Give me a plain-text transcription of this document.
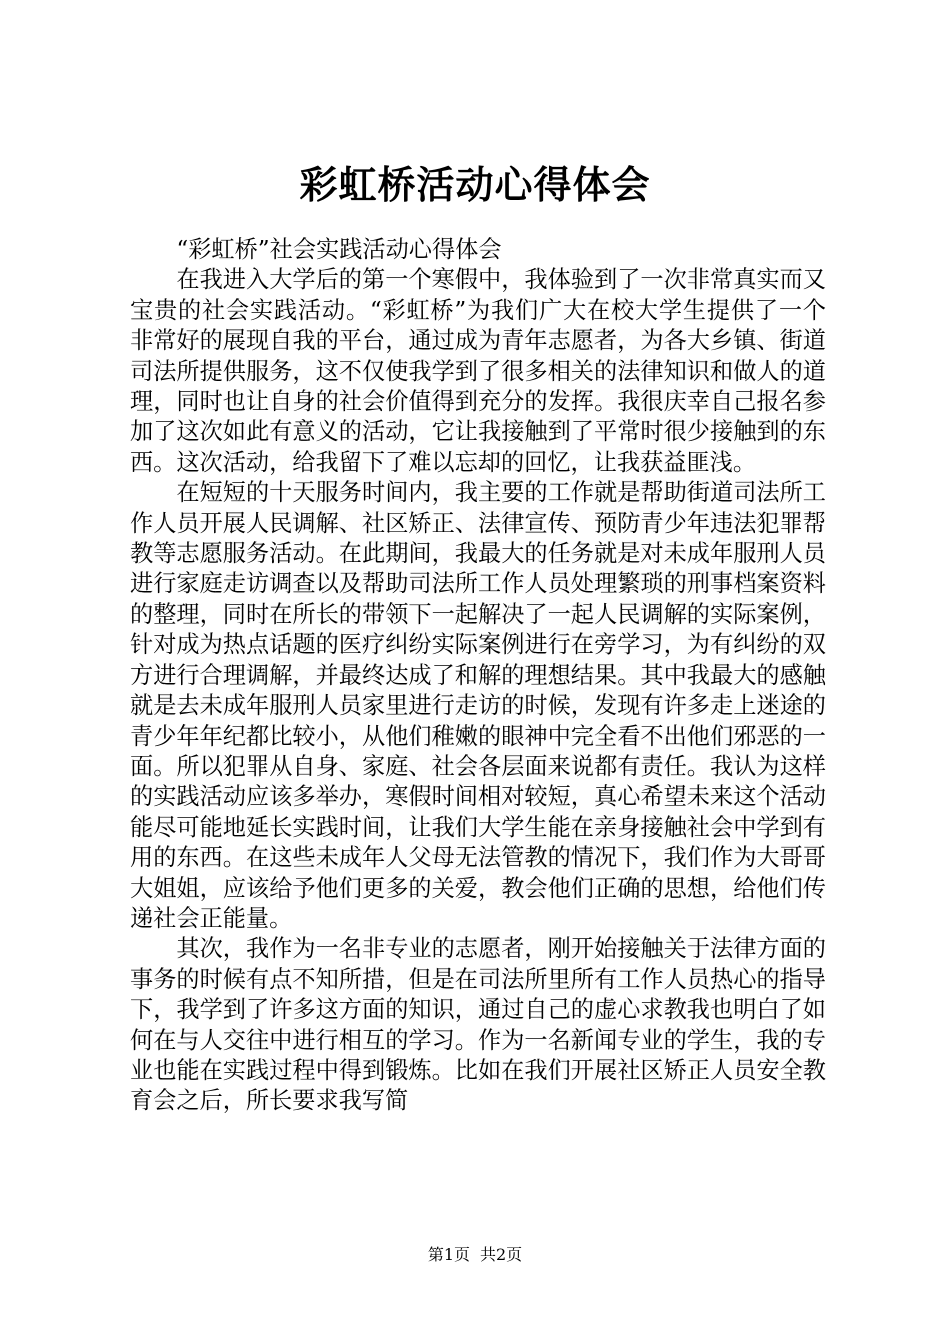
彩虹桥活动心得体会

“彩虹桥”社会实践活动心得体会

在我进入大学后的第一个寒假中，我体验到了一次非常真实而又宝贵的社会实践活动。“彩虹桥”为我们广大在校大学生提供了一个非常好的展现自我的平台，通过成为青年志愿者，为各大乡镇、街道司法所提供服务，这不仅使我学到了很多相关的法律知识和做人的道理，同时也让自身的社会价值得到充分的发挥。我很庆幸自己报名参加了这次如此有意义的活动，它让我接触到了平常时很少接触到的东西。这次活动，给我留下了难以忘却的回忆，让我获益匪浅。

在短短的十天服务时间内，我主要的工作就是帮助街道司法所工作人员开展人民调解、社区矫正、法律宣传、预防青少年违法犯罪帮教等志愿服务活动。在此期间，我最大的任务就是对未成年服刑人员进行家庭走访调查以及帮助司法所工作人员处理繁琐的刑事档案资料的整理，同时在所长的带领下一起解决了一起人民调解的实际案例，针对成为热点话题的医疗纠纷实际案例进行在旁学习，为有纠纷的双方进行合理调解，并最终达成了和解的理想结果。其中我最大的感触就是去未成年服刑人员家里进行走访的时候，发现有许多走上迷途的青少年年纪都比较小，从他们稚嫩的眼神中完全看不出他们邪恶的一面。所以犯罪从自身、家庭、社会各层面来说都有责任。我认为这样的实践活动应该多举办，寒假时间相对较短，真心希望未来这个活动能尽可能地延长实践时间，让我们大学生能在亲身接触社会中学到有用的东西。在这些未成年人父母无法管教的情况下，我们作为大哥哥大姐姐，应该给予他们更多的关爱，教会他们正确的思想，给他们传递社会正能量。

其次，我作为一名非专业的志愿者，刚开始接触关于法律方面的事务的时候有点不知所措，但是在司法所里所有工作人员热心的指导下，我学到了许多这方面的知识，通过自己的虚心求教我也明白了如何在与人交往中进行相互的学习。作为一名新闻专业的学生，我的专业也能在实践过程中得到锻炼。比如在我们开展社区矫正人员安全教育会之后，所长要求我写简

第1页 共2页
